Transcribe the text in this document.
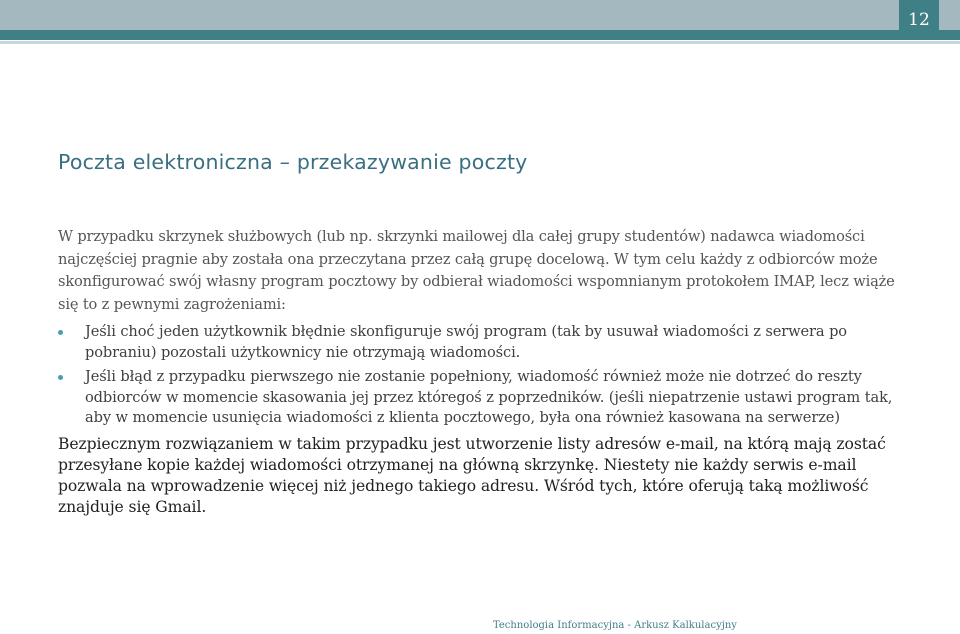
12
Poczta elektroniczna – przekazywanie poczty

W przypadku skrzynek służbowych (lub np. skrzynki mailowej dla całej grupy studentów) nadawca wiadomości najczęściej pragnie aby została ona przeczytana przez całą grupę docelową. W tym celu każdy z odbiorców może skonfigurować swój własny program pocztowy by odbierał wiadomości wspomnianym protokołem IMAP, lecz wiąże się to z pewnymi zagrożeniami:

Jeśli choć jeden użytkownik błędnie skonfiguruje swój program (tak by usuwał wiadomości z serwera po pobraniu) pozostali użytkownicy nie otrzymają wiadomości.
Jeśli błąd z przypadku pierwszego nie zostanie popełniony, wiadomość również może nie dotrzeć do reszty odbiorców w momencie skasowania jej przez któregoś z poprzedników. (jeśli niepatrzenie ustawi program tak, aby w momencie usunięcia wiadomości z klienta pocztowego, była ona również kasowana na serwerze)

Bezpiecznym rozwiązaniem w takim przypadku jest utworzenie listy adresów e-mail, na którą mają zostać przesyłane kopie każdej wiadomości otrzymanej na główną skrzynkę. Niestety nie każdy serwis e-mail pozwala na wprowadzenie więcej niż jednego takiego adresu. Wśród tych, które oferują taką możliwość znajduje się Gmail.

Technologia Informacyjna - Arkusz Kalkulacyjny
